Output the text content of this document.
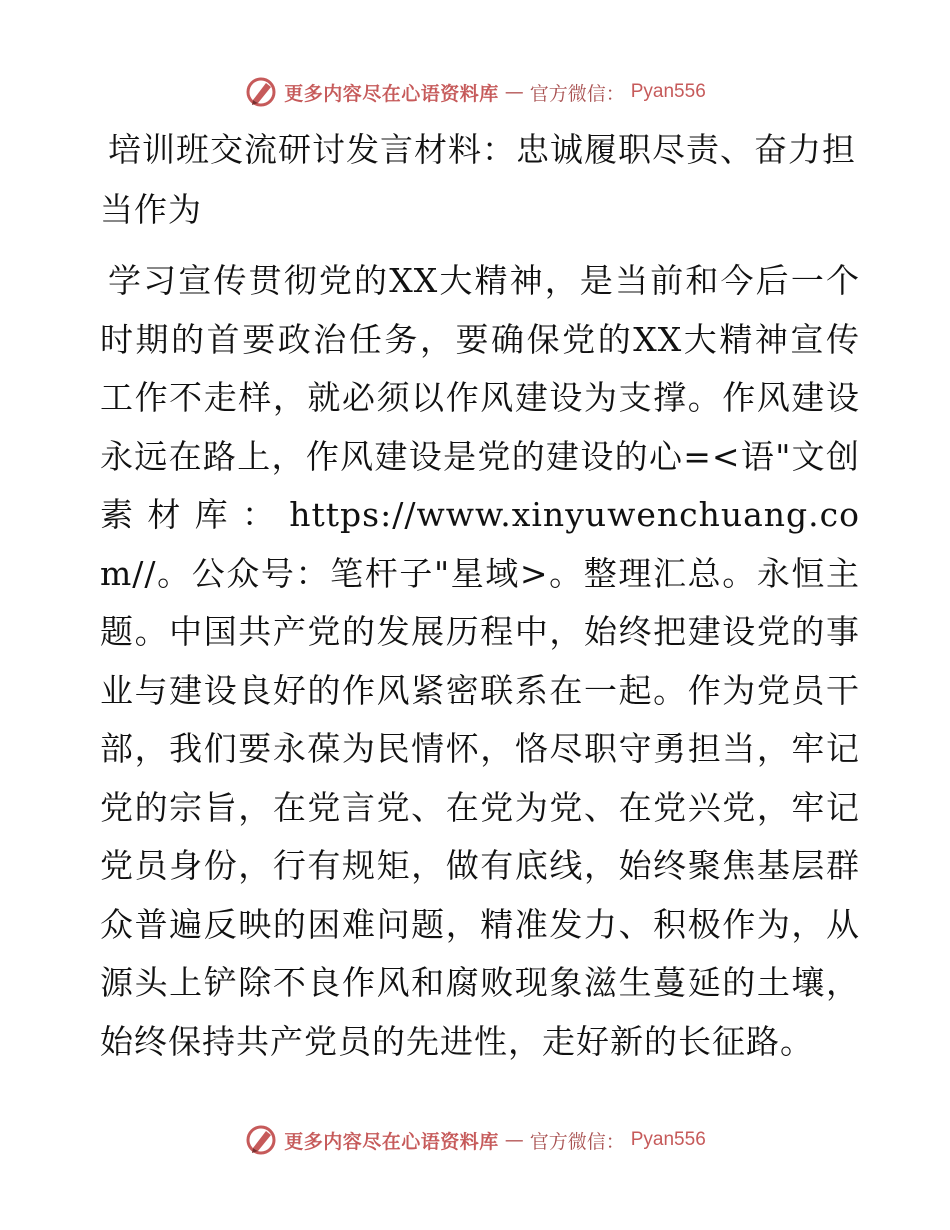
更多内容尽在心语资料库 — 官方微信： Pyan556
培训班交流研讨发言材料：忠诚履职尽责、奋力担当作为

学习宣传贯彻党的XX大精神，是当前和今后一个时期的首要政治任务，要确保党的XX大精神宣传工作不走样，就必须以作风建设为支撑。作风建设永远在路上，作风建设是党的建设的心=<语"文创素材库：https://www.xinyuwenchuang.com//。公众号：笔杆子"星域>。整理汇总。永恒主题。中国共产党的发展历程中，始终把建设党的事业与建设良好的作风紧密联系在一起。作为党员干部，我们要永葆为民情怀，恪尽职守勇担当，牢记党的宗旨，在党言党、在党为党、在党兴党，牢记党员身份，行有规矩，做有底线，始终聚焦基层群众普遍反映的困难问题，精准发力、积极作为，从源头上铲除不良作风和腐败现象滋生蔓延的土壤，始终保持共产党员的先进性，走好新的长征路。

更多内容尽在心语资料库 — 官方微信： Pyan556
